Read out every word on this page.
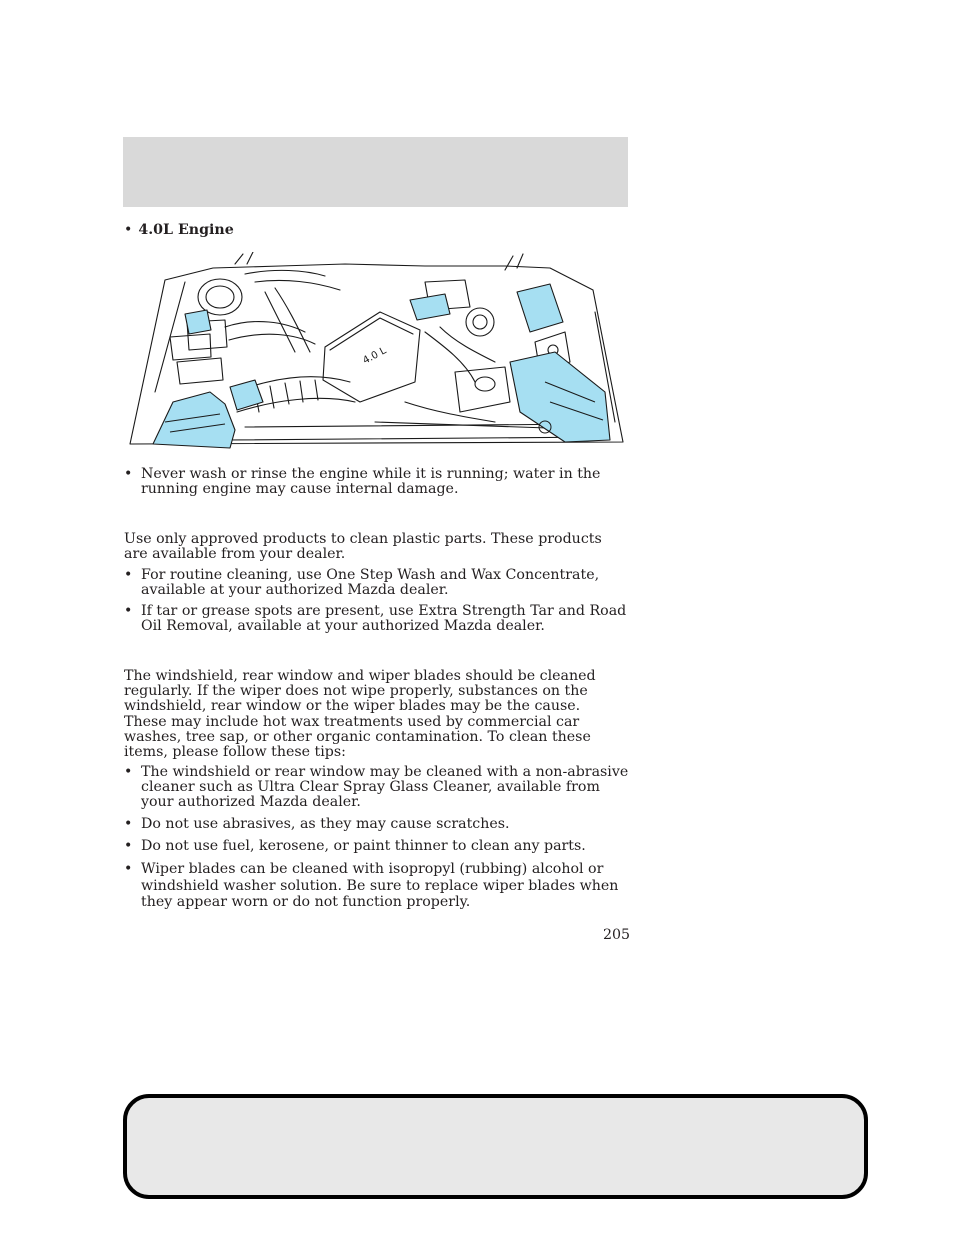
• 4.0L Engine
4.0 L
• Never wash or rinse the engine while it is running; water in the running engine may cause internal damage.
Use only approved products to clean plastic parts. These products are available from your dealer.
• For routine cleaning, use One Step Wash and Wax Concentrate, available at your authorized Mazda dealer.
• If tar or grease spots are present, use Extra Strength Tar and Road Oil Removal, available at your authorized Mazda dealer.
The windshield, rear window and wiper blades should be cleaned regularly. If the wiper does not wipe properly, substances on the windshield, rear window or the wiper blades may be the cause. These may include hot wax treatments used by commercial car washes, tree sap, or other organic contamination. To clean these items, please follow these tips:
• The windshield or rear window may be cleaned with a non-abrasive cleaner such as Ultra Clear Spray Glass Cleaner, available from your authorized Mazda dealer.
• Do not use abrasives, as they may cause scratches.
• Do not use fuel, kerosene, or paint thinner to clean any parts.
• Wiper blades can be cleaned with isopropyl (rubbing) alcohol or windshield washer solution. Be sure to replace wiper blades when they appear worn or do not function properly.
205
